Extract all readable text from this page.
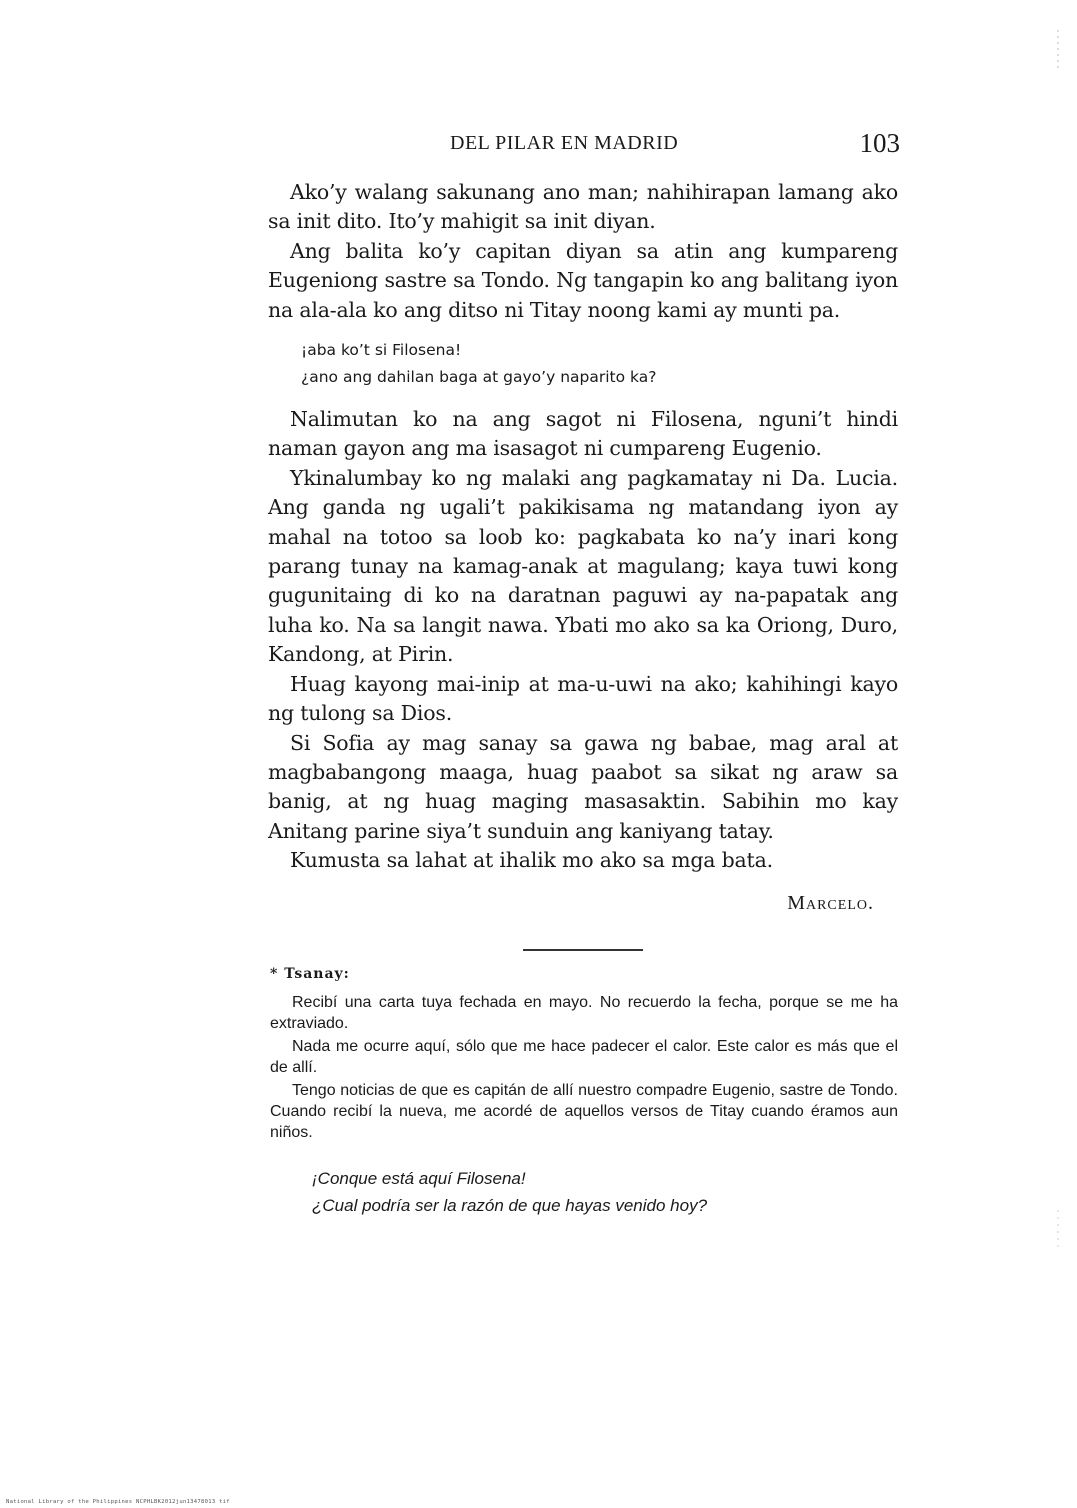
DEL PILAR EN MADRID	103

Ako’y walang sakunang ano man; nahihirapan lamang ako sa init dito. Ito’y mahigit sa init diyan.

Ang balita ko’y capitan diyan sa atin ang kumpareng Eugeniong sastre sa Tondo. Ng tangapin ko ang balitang iyon na ala-ala ko ang ditso ni Titay noong kami ay munti pa.

¡aba ko’t si Filosena!
¿ano ang dahilan baga at gayo’y naparito ka?

Nalimutan ko na ang sagot ni Filosena, nguni’t hindi naman gayon ang ma isasagot ni cumpareng Eugenio.

Ykinalumbay ko ng malaki ang pagkamatay ni Da. Lucia. Ang ganda ng ugali’t pakikisama ng matandang iyon ay mahal na totoo sa loob ko: pagkabata ko na’y inari kong parang tunay na kamag-anak at magulang; kaya tuwi kong gugunitaing di ko na daratnan paguwi ay na-papatak ang luha ko. Na sa langit nawa. Ybati mo ako sa ka Oriong, Duro, Kandong, at Pirin.

Huag kayong mai-inip at ma-u-uwi na ako; kahihingi kayo ng tulong sa Dios.

Si Sofia ay mag sanay sa gawa ng babae, mag aral at magbabangong maaga, huag paabot sa sikat ng araw sa banig, at ng huag maging masasaktin. Sabihin mo kay Anitang parine siya’t sunduin ang kaniyang tatay.

Kumusta sa lahat at ihalik mo ako sa mga bata.

Marcelo.
* Tsanay:

Recibí una carta tuya fechada en mayo. No recuerdo la fecha, porque se me ha extraviado.

Nada me ocurre aquí, sólo que me hace padecer el calor. Este calor es más que el de allí.

Tengo noticias de que es capitán de allí nuestro compadre Eugenio, sastre de Tondo. Cuando recibí la nueva, me acordé de aquellos versos de Titay cuando éramos aun niños.

¡Conque está aquí Filosena!
¿Cual podría ser la razón de que hayas venido hoy?
National Library of the Philippines NCPHLBK2012jun13478013 tif
